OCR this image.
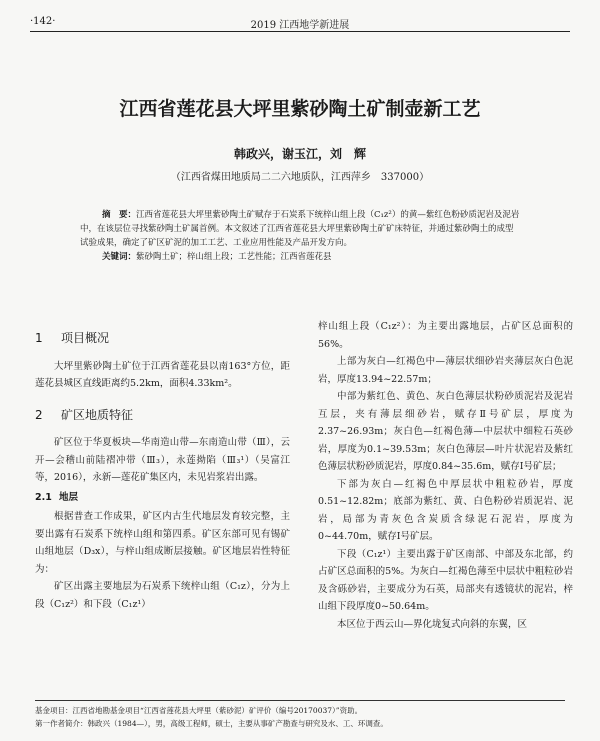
·142·	2019 江西地学新进展
江西省莲花县大坪里紫砂陶土矿制壶新工艺
韩政兴，谢玉江，刘　辉
（江西省煤田地质局二二六地质队，江西萍乡　337000）

摘　要：江西省莲花县大坪里紫砂陶土矿赋存于石炭系下统梓山组上段（C₁z²）的黄—紫红色粉砂质泥岩及泥岩中，在该层位寻找紫砂陶土矿属首例。本文叙述了江西省莲花县大坪里紫砂陶土矿矿床特征，并通过紫砂陶土的成型试验成果，确定了矿区矿泥的加工工艺、工业应用性能及产品开发方向。

关键词：紫砂陶土矿；梓山组上段；工艺性能；江西省莲花县

1 项目概况

大坪里紫砂陶土矿位于江西省莲花县以南163°方位，距莲花县城区直线距离约5.2km，面积4.33km²。

2 矿区地质特征

矿区位于华夏板块—华南造山带—东南造山带（Ⅲ），云开—会稽山前陆褶冲带（Ⅲ₃），永莲拗陷（Ⅲ₃¹）（吴富江等，2016），永新—莲花矿集区内，未见岩浆岩出露。

2.1 地层

根据普查工作成果，矿区内古生代地层发育较完整，主要出露有石炭系下统梓山组和第四系。矿区东部可见有锡矿山组地层（D₃x），与梓山组成断层接触。矿区地层岩性特征为：

矿区出露主要地层为石炭系下统梓山组（C₁z），分为上段（C₁z²）和下段（C₁z¹）

梓山组上段（C₁z²）：为主要出露地层，占矿区总面积的56%。

上部为灰白—红褐色中—薄层状细砂岩夹薄层灰白色泥岩，厚度13.94~22.57m；

中部为紫红色、黄色、灰白色薄层状粉砂质泥岩及泥岩互层，夹有薄层细砂岩，赋存Ⅱ号矿层，厚度为2.37~26.93m；灰白色—红褐色薄—中层状中细粒石英砂岩，厚度为0.1~39.53m；灰白色薄层—叶片状泥岩及紫红色薄层状粉砂质泥岩，厚度0.84~35.6m，赋存Ⅰ号矿层；

下部为灰白—红褐色中厚层状中粗粒砂岩，厚度0.51~12.82m；底部为紫红、黄、白色粉砂岩质泥岩、泥岩，局部为青灰色含炭质含绿泥石泥岩，厚度为0~44.70m，赋存Ⅰ号矿层。

下段（C₁z¹）主要出露于矿区南部、中部及东北部，约占矿区总面积的5%。为灰白—红褐色薄至中层状中粗粒砂岩及含砾砂岩，主要成分为石英，局部夹有透镜状的泥岩，梓山组下段厚度0~50.64m。

本区位于西云山—界化垅复式向斜的东翼，区

基金项目：江西省地勘基金项目“江西省莲花县大坪里（紫砂泥）矿评价（编号20170037）”资助。
第一作者简介：韩政兴（1984—），男，高级工程师，硕士，主要从事矿产勘查与研究及水、工、环调查。
